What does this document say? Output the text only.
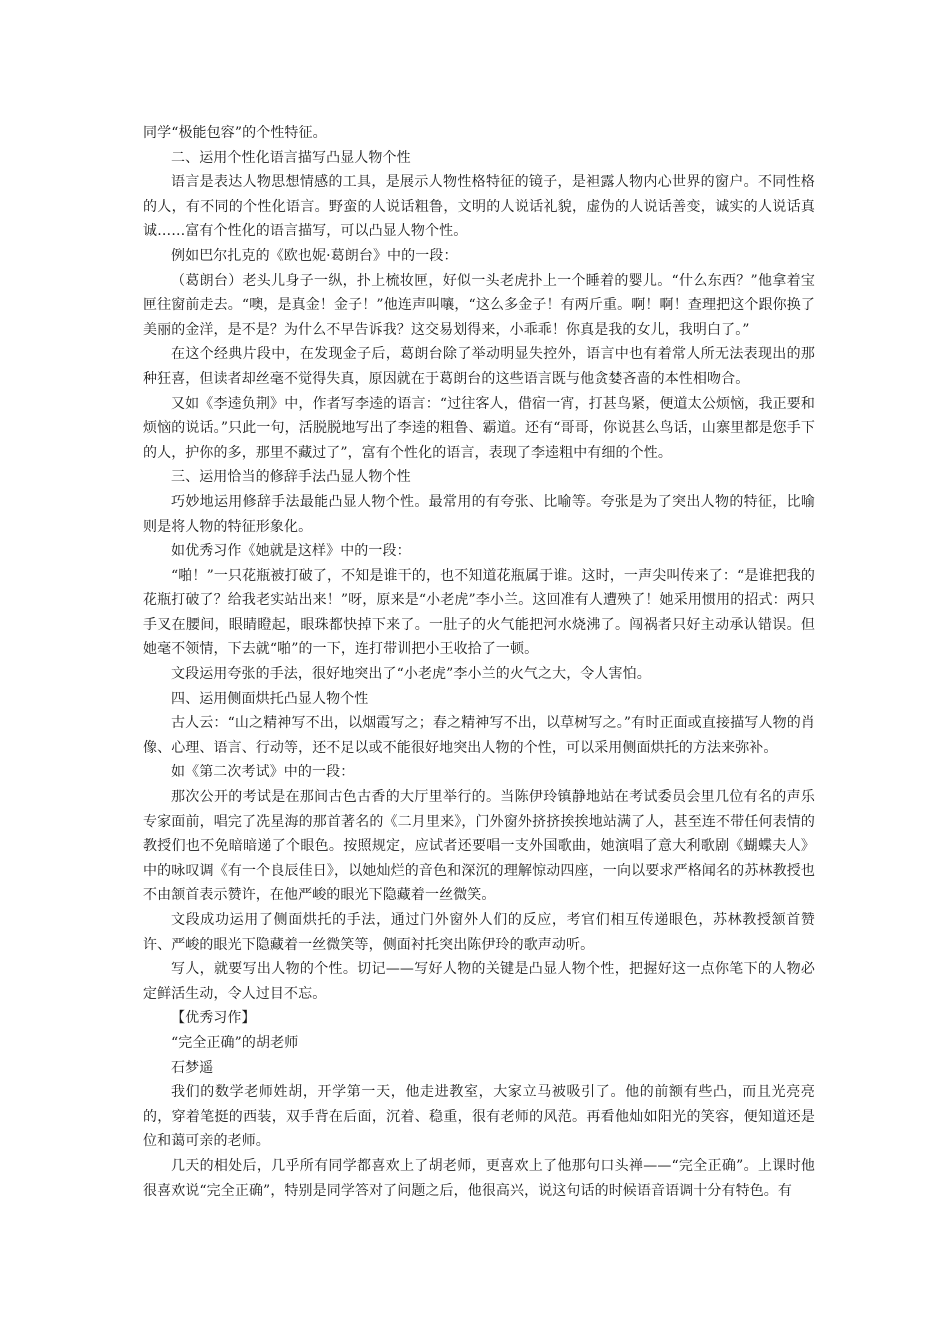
同学“极能包容”的个性特征。

二、运用个性化语言描写凸显人物个性

语言是表达人物思想情感的工具，是展示人物性格特征的镜子，是袒露人物内心世界的窗户。不同性格的人，有不同的个性化语言。野蛮的人说话粗鲁，文明的人说话礼貌，虚伪的人说话善变，诚实的人说话真诚……富有个性化的语言描写，可以凸显人物个性。

例如巴尔扎克的《欧也妮·葛朗台》中的一段：

（葛朗台）老头儿身子一纵，扑上梳妆匣，好似一头老虎扑上一个睡着的婴儿。“什么东西？”他拿着宝匣往窗前走去。“噢，是真金！金子！”他连声叫嚷，“这么多金子！有两斤重。啊！啊！查理把这个跟你换了美丽的金洋，是不是？为什么不早告诉我？这交易划得来，小乖乖！你真是我的女儿，我明白了。”

在这个经典片段中，在发现金子后，葛朗台除了举动明显失控外，语言中也有着常人所无法表现出的那种狂喜，但读者却丝毫不觉得失真，原因就在于葛朗台的这些语言既与他贪婪吝啬的本性相吻合。

又如《李逵负荆》中，作者写李逵的语言：“过往客人，借宿一宵，打甚鸟紧，便道太公烦恼，我正要和烦恼的说话。”只此一句，活脱脱地写出了李逵的粗鲁、霸道。还有“哥哥，你说甚么鸟话，山寨里都是您手下的人，护你的多，那里不藏过了”，富有个性化的语言，表现了李逵粗中有细的个性。

三、运用恰当的修辞手法凸显人物个性

巧妙地运用修辞手法最能凸显人物个性。最常用的有夸张、比喻等。夸张是为了突出人物的特征，比喻则是将人物的特征形象化。

如优秀习作《她就是这样》中的一段：

“啪！”一只花瓶被打破了，不知是谁干的，也不知道花瓶属于谁。这时，一声尖叫传来了：“是谁把我的花瓶打破了？给我老实站出来！”呀，原来是“小老虎”李小兰。这回准有人遭殃了！她采用惯用的招式：两只手叉在腰间，眼睛瞪起，眼珠都快掉下来了。一肚子的火气能把河水烧沸了。闯祸者只好主动承认错误。但她毫不领情，下去就“啪”的一下，连打带训把小王收拾了一顿。

文段运用夸张的手法，很好地突出了“小老虎”李小兰的火气之大，令人害怕。

四、运用侧面烘托凸显人物个性

古人云：“山之精神写不出，以烟霞写之；春之精神写不出，以草树写之。”有时正面或直接描写人物的肖像、心理、语言、行动等，还不足以或不能很好地突出人物的个性，可以采用侧面烘托的方法来弥补。

如《第二次考试》中的一段：

那次公开的考试是在那间古色古香的大厅里举行的。当陈伊玲镇静地站在考试委员会里几位有名的声乐专家面前，唱完了冼星海的那首著名的《二月里来》，门外窗外挤挤挨挨地站满了人，甚至连不带任何表情的教授们也不免暗暗递了个眼色。按照规定，应试者还要唱一支外国歌曲，她演唱了意大利歌剧《蝴蝶夫人》中的咏叹调《有一个良辰佳日》，以她灿烂的音色和深沉的理解惊动四座，一向以要求严格闻名的苏林教授也不由颔首表示赞许，在他严峻的眼光下隐藏着一丝微笑。

文段成功运用了侧面烘托的手法，通过门外窗外人们的反应，考官们相互传递眼色，苏林教授颔首赞许、严峻的眼光下隐藏着一丝微笑等，侧面衬托突出陈伊玲的歌声动听。

写人，就要写出人物的个性。切记——写好人物的关键是凸显人物个性，把握好这一点你笔下的人物必定鲜活生动，令人过目不忘。

【优秀习作】

“完全正确”的胡老师

石梦遥

我们的数学老师姓胡，开学第一天，他走进教室，大家立马被吸引了。他的前额有些凸，而且光亮亮的，穿着笔挺的西装，双手背在后面，沉着、稳重，很有老师的风范。再看他灿如阳光的笑容，便知道还是位和蔼可亲的老师。

几天的相处后，几乎所有同学都喜欢上了胡老师，更喜欢上了他那句口头禅——“完全正确”。上课时他很喜欢说“完全正确”，特别是同学答对了问题之后，他很高兴，说这句话的时候语音语调十分有特色。有
